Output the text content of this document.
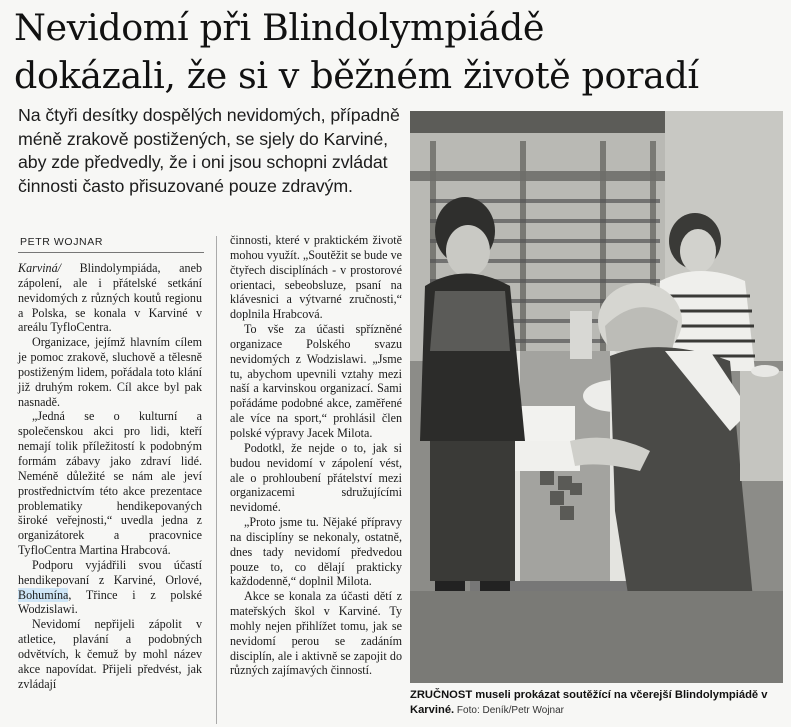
Nevidomí při Blindolympiádě
dokázali, že si v běžném životě poradí

Na čtyři desítky dospělých nevidomých, případně méně zrakově postižených, se sjely do Karviné, aby zde předvedly, že i oni jsou schopni zvládat činnosti často přisuzované pouze zdravým.

PETR WOJNAR

Karviná/ Blindolympiáda, aneb zápolení, ale i přátelské setkání nevidomých z různých koutů regionu a Polska, se konala v Karviné v areálu TyfloCentra.

Organizace, jejímž hlavním cílem je pomoc zrakově, sluchově a tělesně postiženým lidem, pořádala toto klání již druhým rokem. Cíl akce byl pak nasnadě.

„Jedná se o kulturní a společenskou akci pro lidi, kteří nemají tolik příležitostí k podobným formám zábavy jako zdraví lidé. Neméně důležité se nám ale jeví prostřednictvím této akce prezentace problematiky hendikepovaných široké veřejnosti,“ uvedla jedna z organizátorek a pracovnice TyfloCentra Martina Hrabcová.

Podporu vyjádřili svou účastí hendikepovaní z Karviné, Orlové, Bohumína, Třince i z polské Wodzislawi.

Nevidomí nepřijeli zápolit v atletice, plavání a podobných odvětvích, k čemuž by mohl název akce napovídat. Přijeli předvést, jak zvládají

činnosti, které v praktickém životě mohou využít. „Soutěžit se bude ve čtyřech disciplínách - v prostorové orientaci, sebeobsluze, psaní na klávesnici a výtvarné zručnosti,“ doplnila Hrabcová.

To vše za účasti spřízněné organizace Polského svazu nevidomých z Wodzislawi. „Jsme tu, abychom upevnili vztahy mezi naší a karvinskou organizací. Sami pořádáme podobné akce, zaměřené ale více na sport,“ prohlásil člen polské výpravy Jacek Milota.

Podotkl, že nejde o to, jak si budou nevidomí v zápolení vést, ale o prohloubení přátelství mezi organizacemi sdružujícími nevidomé.

„Proto jsme tu. Nějaké přípravy na disciplíny se nekonaly, ostatně, dnes tady nevidomí předvedou pouze to, co dělají prakticky každodenně,“ doplnil Milota.

Akce se konala za účasti dětí z mateřských škol v Karviné. Ty mohly nejen přihlížet tomu, jak se nevidomí perou se zadáním disciplín, ale i aktivně se zapojit do různých zajímavých činností.

ZRUČNOST museli prokázat soutěžící na včerejší Blindolympiádě v Karviné. Foto: Deník/Petr Wojnar
